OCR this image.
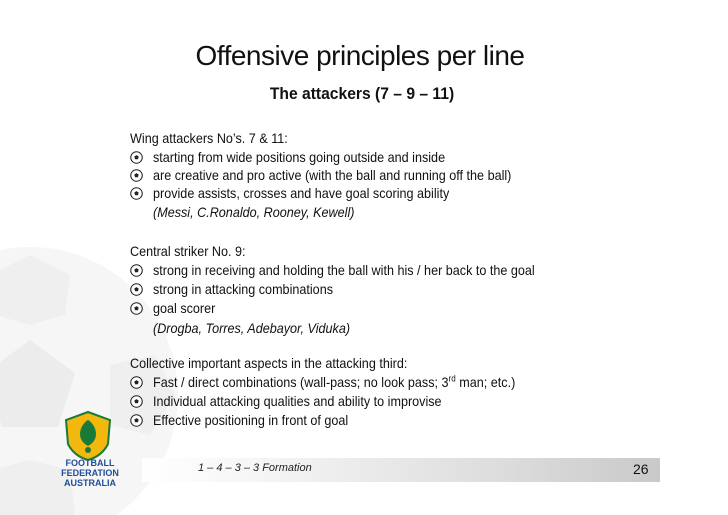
Offensive principles per line
The attackers (7 – 9 – 11)
Wing attackers No’s. 7 & 11:
starting from wide positions going outside and inside
are creative and pro active (with the ball and running off the ball)
provide assists, crosses and have goal scoring ability
(Messi, C.Ronaldo, Rooney, Kewell)
Central striker No. 9:
strong in receiving and holding the ball with his / her back to the goal
strong in attacking combinations
goal scorer
(Drogba, Torres, Adebayor, Viduka)
Collective important aspects in the attacking third:
Fast / direct combinations (wall-pass; no look pass; 3rd man; etc.)
Individual attacking qualities and ability to improvise
Effective positioning in front of goal
1 – 4 – 3 – 3 Formation	26
FOOTBALL
FEDERATION
AUSTRALIA
